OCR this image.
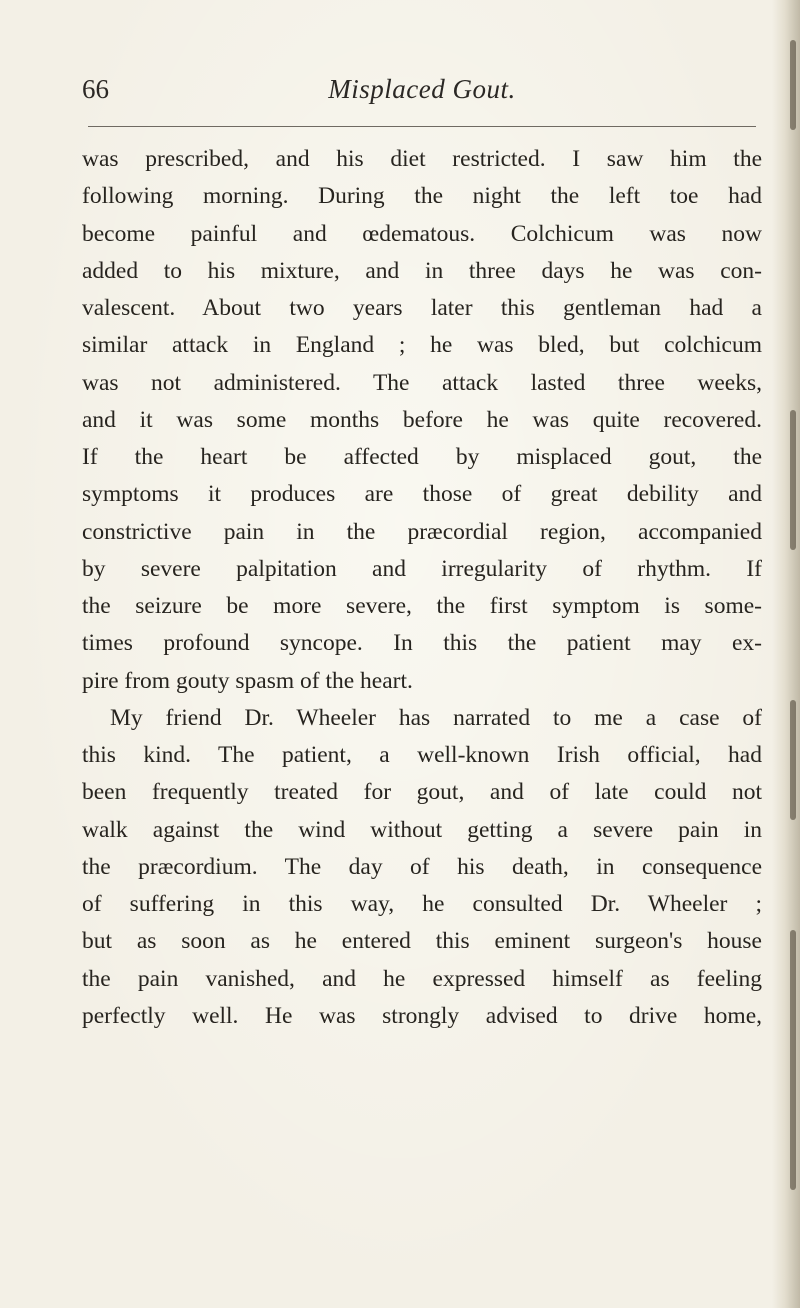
66	Misplaced Gout.
was prescribed, and his diet restricted. I saw him the
following morning. During the night the left toe had
become painful and œdematous. Colchicum was now
added to his mixture, and in three days he was con-
valescent. About two years later this gentleman had a
similar attack in England ; he was bled, but colchicum
was not administered. The attack lasted three weeks,
and it was some months before he was quite recovered.
If the heart be affected by misplaced gout, the
symptoms it produces are those of great debility and
constrictive pain in the præcordial region, accompanied
by severe palpitation and irregularity of rhythm. If
the seizure be more severe, the first symptom is some-
times profound syncope. In this the patient may ex-
pire from gouty spasm of the heart.
My friend Dr. Wheeler has narrated to me a case of
this kind. The patient, a well-known Irish official, had
been frequently treated for gout, and of late could not
walk against the wind without getting a severe pain in
the præcordium. The day of his death, in consequence
of suffering in this way, he consulted Dr. Wheeler ;
but as soon as he entered this eminent surgeon's house
the pain vanished, and he expressed himself as feeling
perfectly well. He was strongly advised to drive home,
